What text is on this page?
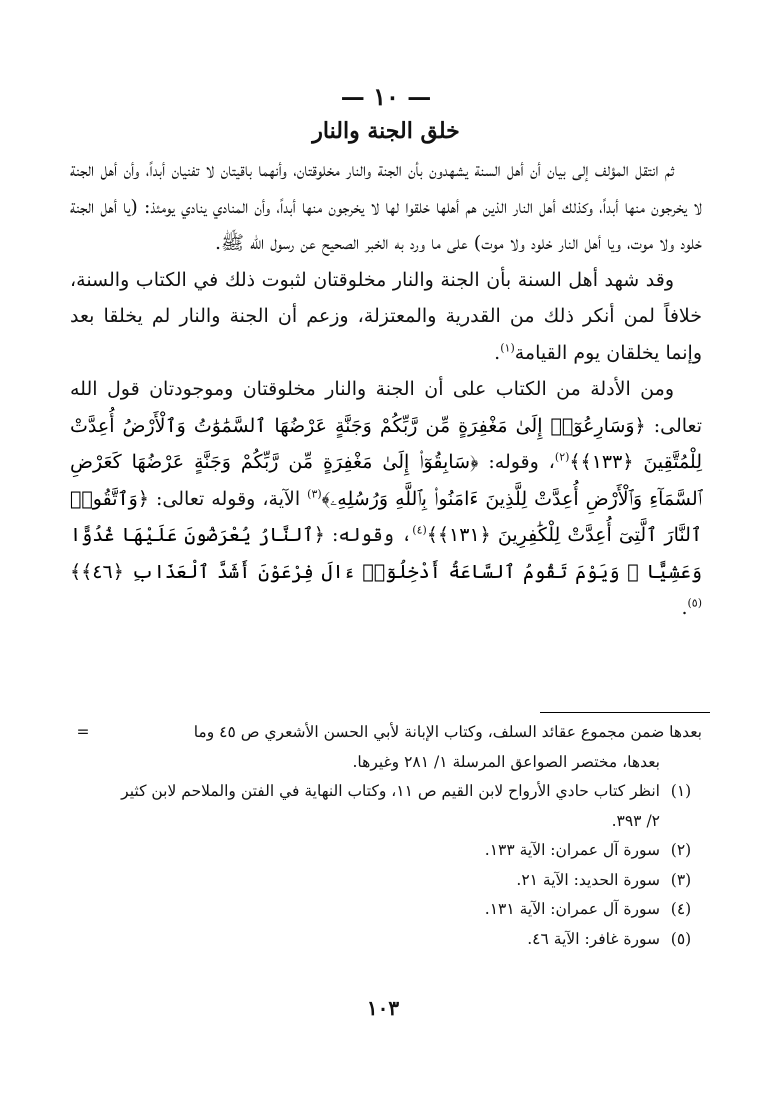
— ١٠ —
خلق الجنة والنار

ثم انتقل المؤلف إلى بيان أن أهل السنة يشهدون بأن الجنة والنار مخلوقتان، وأنهما باقيتان لا تفنيان أبداً، وأن أهل الجنة لا يخرجون منها أبداً، وكذلك أهل النار الذين هم أهلها خلقوا لها لا يخرجون منها أبداً، وأن المنادي ينادي يومئذ: (يا أهل الجنة خلود ولا موت، ويا أهل النار خلود ولا موت) على ما ورد به الخبر الصحيح عن رسول الله ﷺ.

وقد شهد أهل السنة بأن الجنة والنار مخلوقتان لثبوت ذلك في الكتاب والسنة، خلافاً لمن أنكر ذلك من القدرية والمعتزلة، وزعم أن الجنة والنار لم يخلقا بعد وإنما يخلقان يوم القيامة$^{(١)}$.

ومن الأدلة من الكتاب على أن الجنة والنار مخلوقتان وموجودتان قول الله تعالى: ﴿وَسَارِعُوٓا۟ إِلَىٰ مَغْفِرَةٍ مِّن رَّبِّكُمْ وَجَنَّةٍ عَرْضُهَا ٱلسَّمَٰوَٰتُ وَٱلْأَرْضُ أُعِدَّتْ لِلْمُتَّقِينَ ﴿١٣٣﴾﴾$^{(٢)}$، وقوله: ﴿سَابِقُوٓا۟ إِلَىٰ مَغْفِرَةٍ مِّن رَّبِّكُمْ وَجَنَّةٍ عَرْضُهَا كَعَرْضِ ٱلسَّمَآءِ وَٱلْأَرْضِ أُعِدَّتْ لِلَّذِينَ ءَامَنُوا۟ بِٱللَّهِ وَرُسُلِهِۦ﴾$^{(٣)}$ الآية، وقوله تعالى: ﴿وَٱتَّقُوا۟ ٱلنَّارَ ٱلَّتِىٓ أُعِدَّتْ لِلْكَٰفِرِينَ ﴿١٣١﴾﴾$^{(٤)}$، وقوله: ﴿ٱلنَّارُ يُعْرَضُونَ عَلَيْهَا غُدُوًّا وَعَشِيًّا ۖ وَيَوْمَ تَقُومُ ٱلسَّاعَةُ أَدْخِلُوٓا۟ ءَالَ فِرْعَوْنَ أَشَدَّ ٱلْعَذَابِ ﴿٤٦﴾﴾$^{(٥)}$.

بعدها ضمن مجموع عقائد السلف، وكتاب الإبانة لأبي الحسن الأشعري ص ٤٥ وما
=
بعدها، مختصر الصواعق المرسلة ١/ ٢٨١ وغيرها.
(١)
انظر كتاب حادي الأرواح لابن القيم ص ١١، وكتاب النهاية في الفتن والملاحم لابن كثير
٢/ ٣٩٣.
(٢)
سورة آل عمران: الآية ١٣٣.
(٣)
سورة الحديد: الآية ٢١.
(٤)
سورة آل عمران: الآية ١٣١.
(٥)
سورة غافر: الآية ٤٦.
١٠٣
